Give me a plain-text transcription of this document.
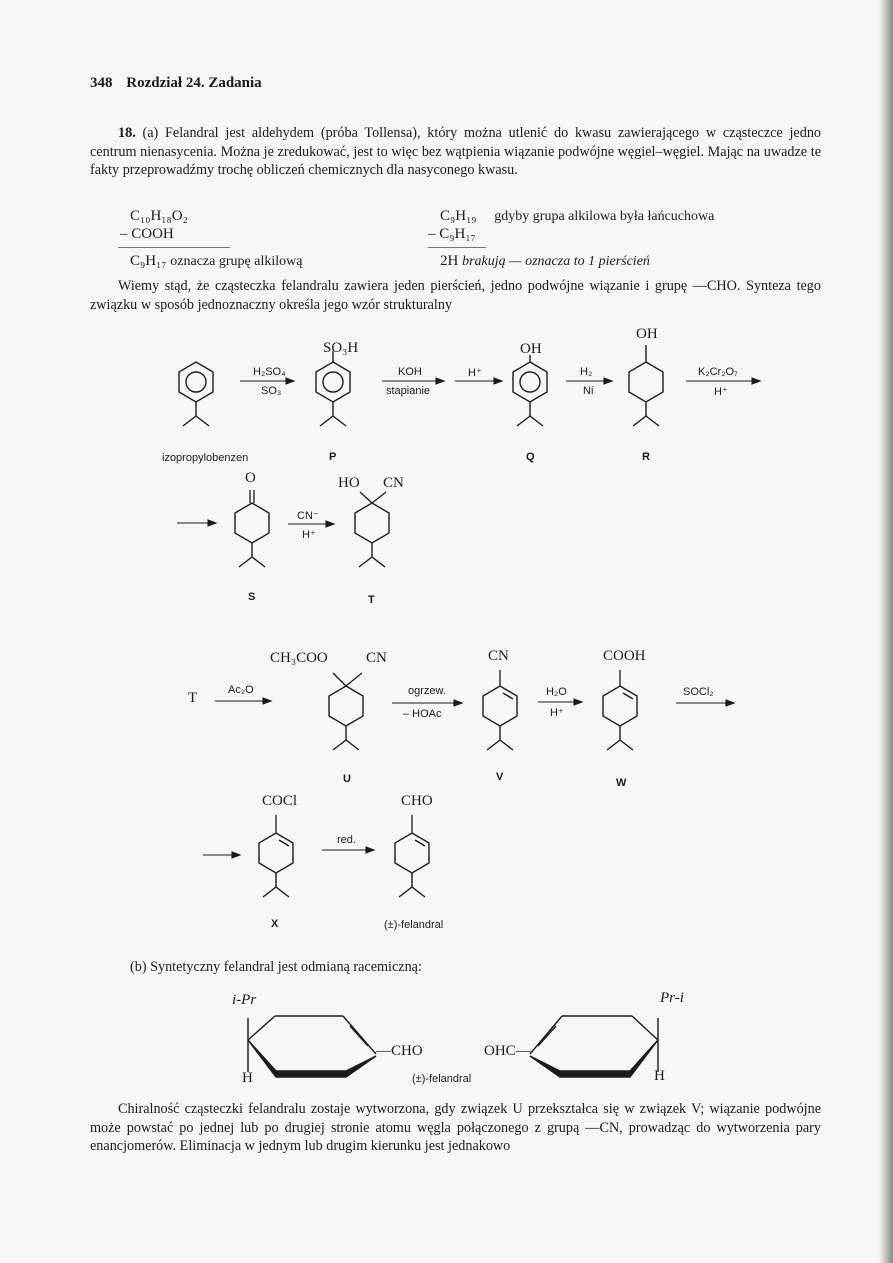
348 Rozdział 24. Zadania

18. (a) Felandral jest aldehydem (próba Tollensa), który można utlenić do kwasu zawierającego w cząsteczce jedno centrum nienasycenia. Można je zredukować, jest to więc bez wątpienia wiązanie podwójne węgiel–węgiel. Mając na uwadze te fakty przeprowadźmy trochę obliczeń chemicznych dla nasyconego kwasu.

C₁₀H₁₈O₂
– COOH
C₉H₁₇ oznacza grupę alkilową
C₉H₁₉ gdyby grupa alkilowa była łańcuchowa
– C₉H₁₇
2H brakują — oznacza to 1 pierścień

Wiemy stąd, że cząsteczka felandralu zawiera jeden pierścień, jedno podwójne wiązanie i grupę —CHO. Synteza tego związku w sposób jednoznaczny określa jego wzór strukturalny

izopropylobenzen
H₂SO₄
SO₃
SO₃H
P
KOH
stapianie
H⁺
OH
Q
H₂
Ni
OH
R
K₂Cr₂O₇
H⁺
O
S
CN⁻
H⁺
HO CN
T
T	Ac₂O
CH₃COO	CN
U
ogrzew.
– HOAc
CN
V
H₂O
H⁺
COOH
W
SOCl₂
COCl
X
red.
CHO
(±)-felandral
(b) Syntetyczny felandral jest odmianą racemiczną:
i-Pr
—CHO
H
OHC—
Pr-i
H
(±)-felandral

Chiralność cząsteczki felandralu zostaje wytworzona, gdy związek U przekształca się w związek V; wiązanie podwójne może powstać po jednej lub po drugiej stronie atomu węgla połączonego z grupą —CN, prowadząc do wytworzenia pary enancjomerów. Eliminacja w jednym lub drugim kierunku jest jednakowo
